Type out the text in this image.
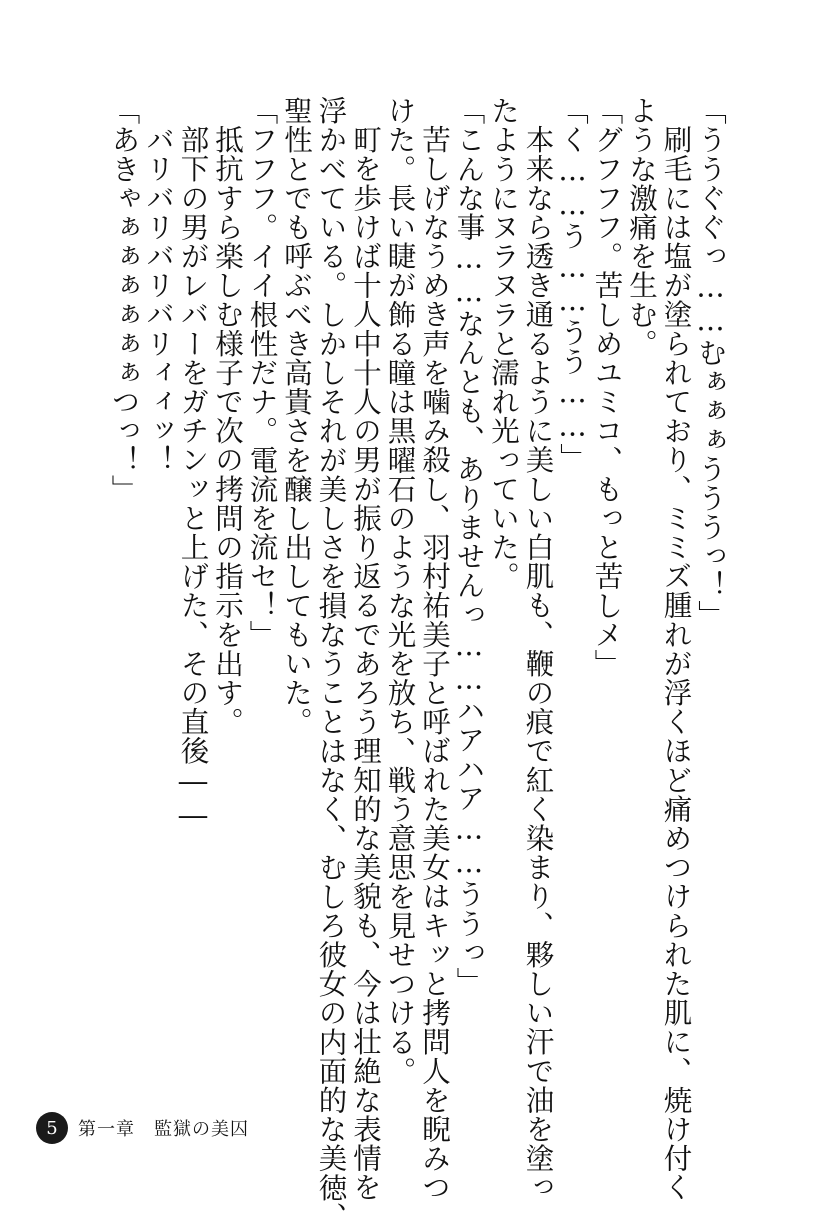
「ううぐぐっ……むぁぁぁうううっ！」
刷毛には塩が塗られており、ミミズ腫れが浮くほど痛めつけられた肌に、焼け付く
ような激痛を生む。
「グフフフ。苦しめユミコ、もっと苦しメ」
「く……う……うう……」
本来なら透き通るように美しい白肌も、鞭の痕で紅く染まり、夥しい汗で油を塗っ
たようにヌラヌラと濡れ光っていた。
「こんな事……なんとも、ありませんっ……ハアハア……ううっ」
苦しげなうめき声を噛み殺し、羽村祐美子と呼ばれた美女はキッと拷問人を睨みつ
けた。長い睫が飾る瞳は黒曜石のような光を放ち、戦う意思を見せつける。
町を歩けば十人中十人の男が振り返るであろう理知的な美貌も、今は壮絶な表情を
浮かべている。しかしそれが美しさを損なうことはなく、むしろ彼女の内面的な美徳、
聖性とでも呼ぶべき高貴さを醸し出してもいた。
「フフフ。イイ根性だナ。電流を流セ！」
抵抗すら楽しむ様子で次の拷問の指示を出す。
部下の男がレバーをガチンッと上げた、その直後――
バリバリバリバリィィッ！
「あきゃぁぁぁぁぁぁつっ！」
5 第一章　監獄の美囚
